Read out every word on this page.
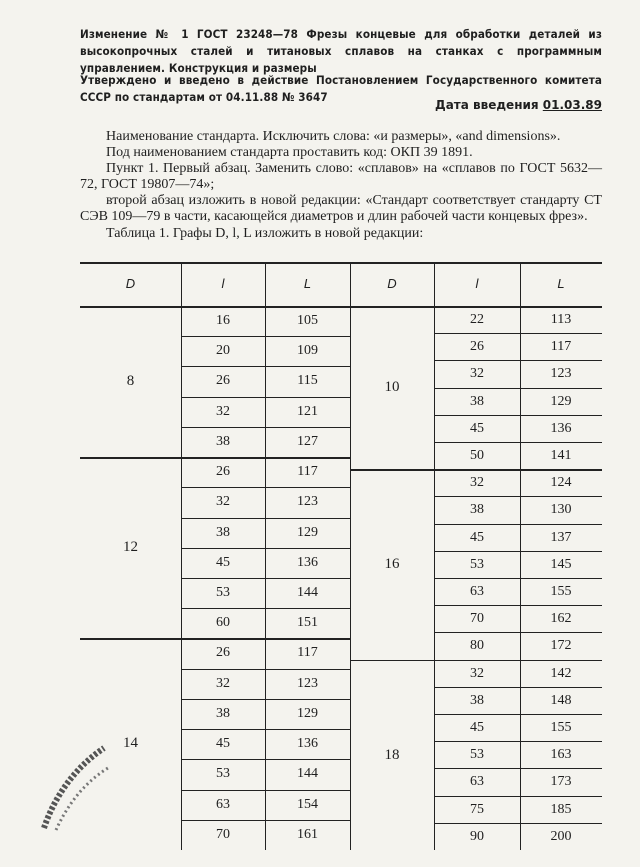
Изменение № 1 ГОСТ 23248—78 Фрезы концевые для обработки деталей из высокопрочных сталей и титановых сплавов на станках с программным управлением. Конструкция и размеры
Утверждено и введено в действие Постановлением Государственного комитета СССР по стандартам от 04.11.88 № 3647
Дата введения 01.03.89
Наименование стандарта. Исключить слова: «и размеры», «and dimensions».
Под наименованием стандарта проставить код: ОКП 39 1891.
Пункт 1. Первый абзац. Заменить слово: «сплавов» на «сплавов по ГОСТ 5632—72, ГОСТ 19807—74»;
второй абзац изложить в новой редакции: «Стандарт соответствует стандарту СТ СЭВ 109—79 в части, касающейся диаметров и длин рабочей части концевых фрез».
Таблица 1. Графы D, l, L изложить в новой редакции:
D	l	L	D	l	L
8
16	105
20	109
26	115
32	121
38	127
12
26	117
32	123
38	129
45	136
53	144
60	151
14
26	117
32	123
38	129
45	136
53	144
63	154
70	161
10
22	113
26	117
32	123
38	129
45	136
50	141
16
32	124
38	130
45	137
53	145
63	155
70	162
80	172
18
32	142
38	148
45	155
53	163
63	173
75	185
90	200
